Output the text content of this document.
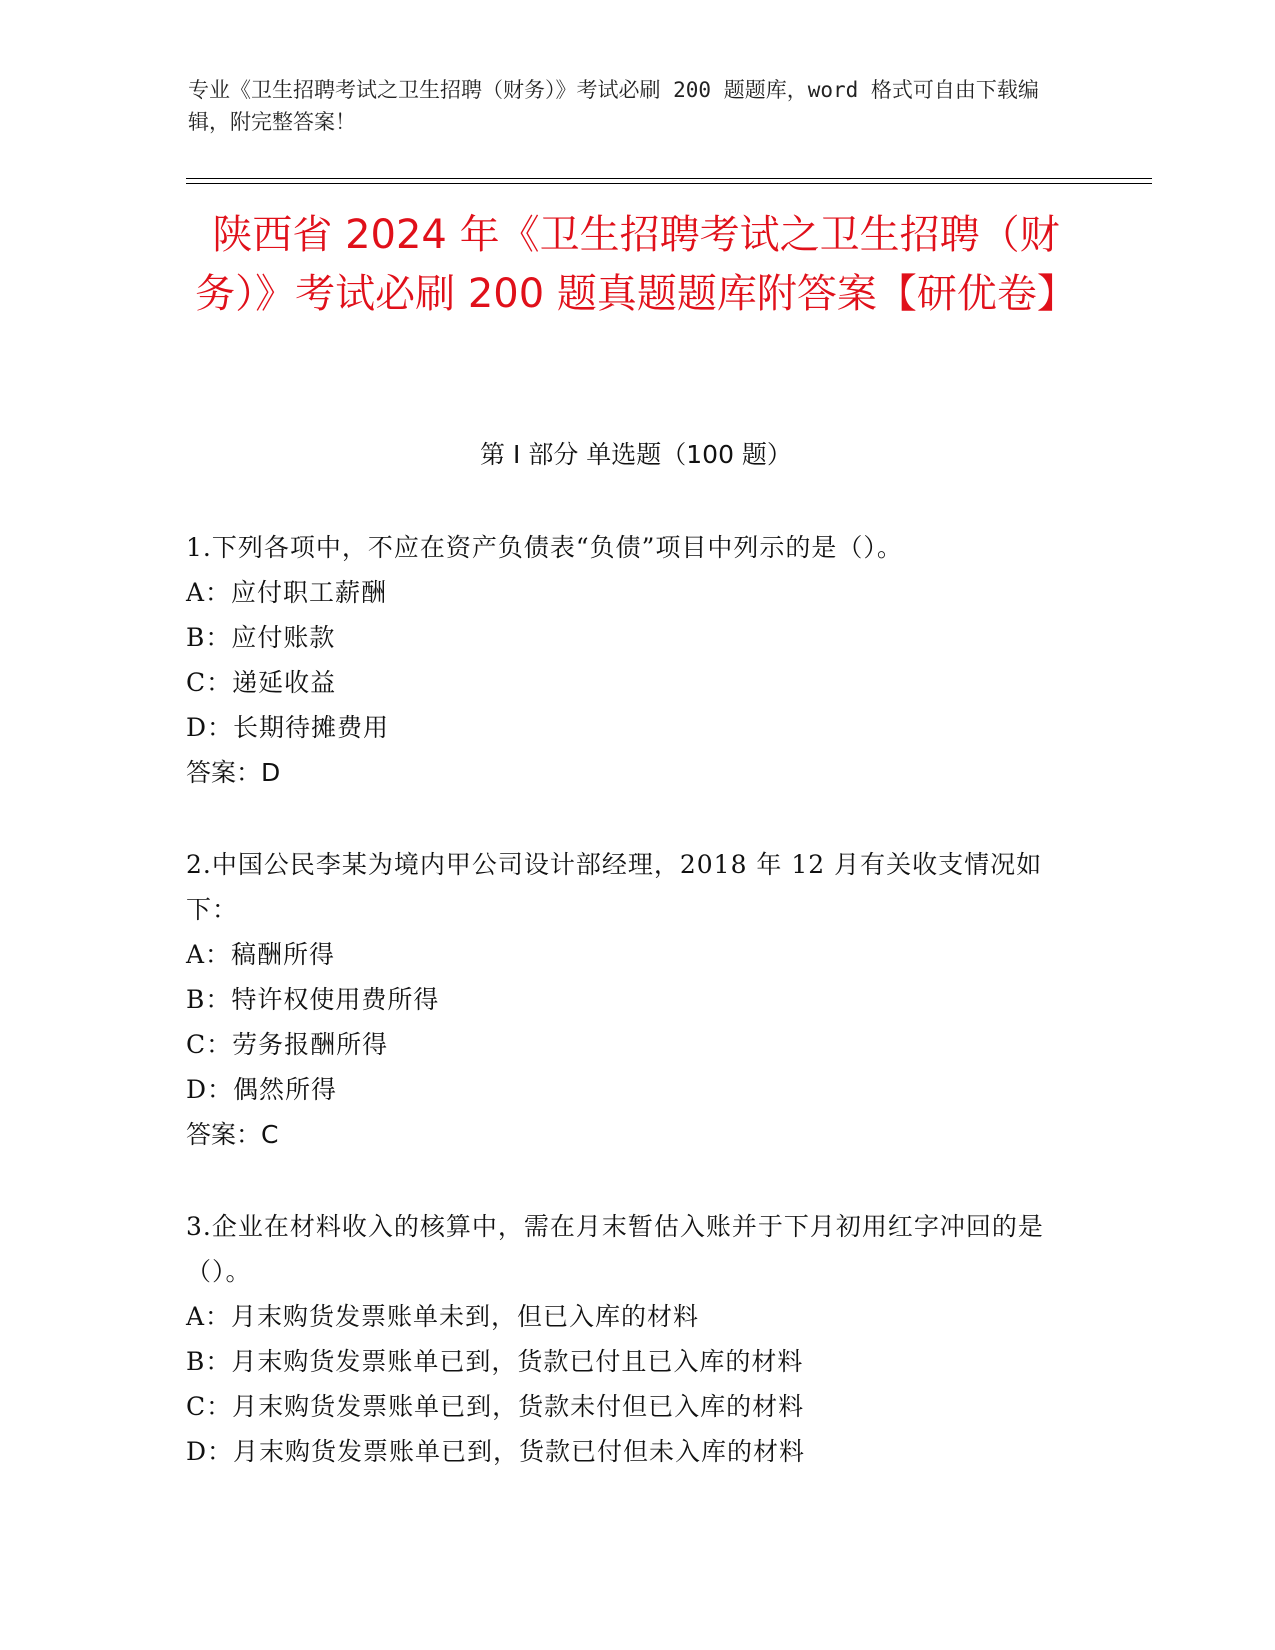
专业《卫生招聘考试之卫生招聘（财务）》考试必刷 200 题题库，word 格式可自由下载编辑，附完整答案！
陕西省 2024 年《卫生招聘考试之卫生招聘（财务）》考试必刷 200 题真题题库附答案【研优卷】
第 I 部分 单选题（100 题）
1.下列各项中，不应在资产负债表“负债”项目中列示的是（）。
A：应付职工薪酬
B：应付账款
C：递延收益
D：长期待摊费用
答案：D
2.中国公民李某为境内甲公司设计部经理，2018 年 12 月有关收支情况如下：
A：稿酬所得
B：特许权使用费所得
C：劳务报酬所得
D：偶然所得
答案：C
3.企业在材料收入的核算中，需在月末暂估入账并于下月初用红字冲回的是（）。
A：月末购货发票账单未到，但已入库的材料
B：月末购货发票账单已到，货款已付且已入库的材料
C：月末购货发票账单已到，货款未付但已入库的材料
D：月末购货发票账单已到，货款已付但未入库的材料
